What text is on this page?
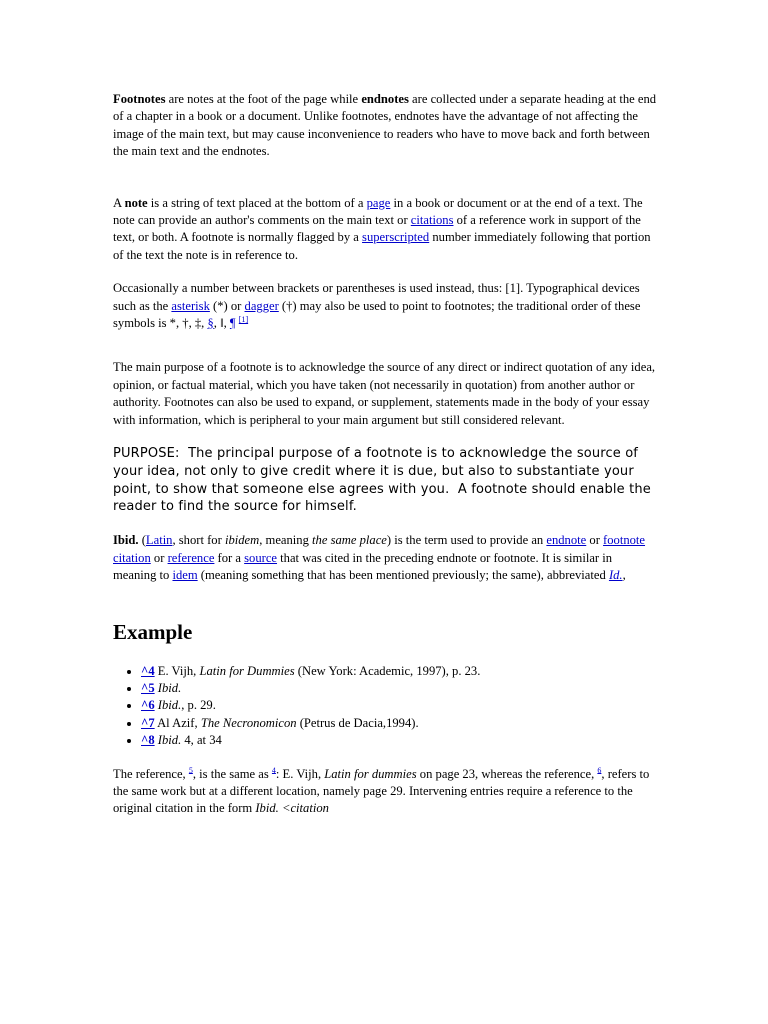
Footnotes are notes at the foot of the page while endnotes are collected under a separate heading at the end of a chapter in a book or a document. Unlike footnotes, endnotes have the advantage of not affecting the image of the main text, but may cause inconvenience to readers who have to move back and forth between the main text and the endnotes.

A note is a string of text placed at the bottom of a page in a book or document or at the end of a text. The note can provide an author's comments on the main text or citations of a reference work in support of the text, or both. A footnote is normally flagged by a superscripted number immediately following that portion of the text the note is in reference to.

Occasionally a number between brackets or parentheses is used instead, thus: [1]. Typographical devices such as the asterisk (*) or dagger (†) may also be used to point to footnotes; the traditional order of these symbols is *, †, ‡, §, ‖, ¶ [1]

The main purpose of a footnote is to acknowledge the source of any direct or indirect quotation of any idea, opinion, or factual material, which you have taken (not necessarily in quotation) from another author or authority. Footnotes can also be used to expand, or supplement, statements made in the body of your essay with information, which is peripheral to your main argument but still considered relevant.

PURPOSE:  The principal purpose of a footnote is to acknowledge the source of your idea, not only to give credit where it is due, but also to substantiate your point, to show that someone else agrees with you.  A footnote should enable the reader to find the source for himself.

Ibid. (Latin, short for ibidem, meaning the same place) is the term used to provide an endnote or footnote citation or reference for a source that was cited in the preceding endnote or footnote. It is similar in meaning to idem (meaning something that has been mentioned previously; the same), abbreviated Id.,

Example
• ^4 E. Vijh, Latin for Dummies (New York: Academic, 1997), p. 23.
• ^5 Ibid.
• ^6 Ibid., p. 29.
• ^7 Al Azif, The Necronomicon (Petrus de Dacia,1994).
• ^8 Ibid. 4, at 34

The reference, $^5$, is the same as $^4$: E. Vijh, Latin for dummies on page 23, whereas the reference, $^6$, refers to the same work but at a different location, namely page 29. Intervening entries require a reference to the original citation in the form Ibid. <citation
